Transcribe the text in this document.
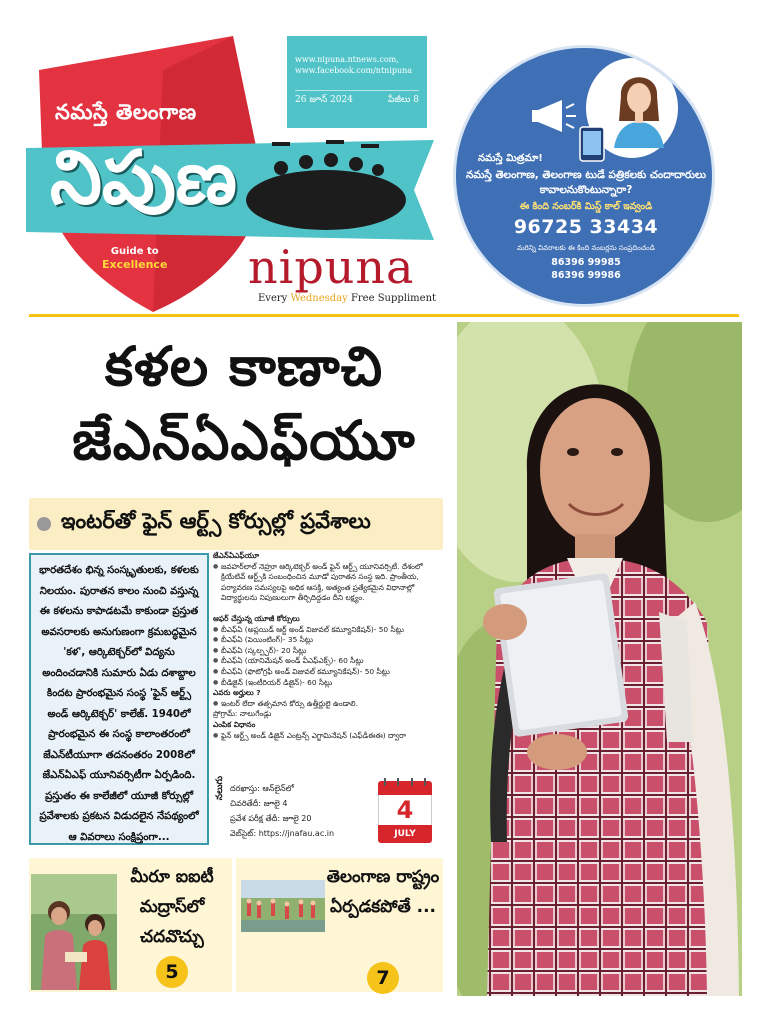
నమస్తే తెలంగాణ
నిపుణ
Guide to
Excellence nipuna
Every Wednesday Free Suppliment
www.nipuna.ntnews.com,
www.facebook.com/ntnipuna
26 జూన్ 2024	పేజీలు 8
నమస్తే మిత్రమా!
నమస్తే తెలంగాణ, తెలంగాణ టుడే పత్రికలకు చందాదారులు కావాలనుకొంటున్నారా?
ఈ కింది నంబర్‌కి మిస్డ్ కాల్ ఇవ్వండి
96725 33434
మరిన్ని వివరాలకు ఈ కింది నంబర్లను సంప్రదించండి
86396 99985
86396 99986
కళల కాణాచి
జేఎన్ఏఎఫ్‌యూ
ఇంటర్‌తో ఫైన్ ఆర్ట్స్ కోర్సుల్లో ప్రవేశాలు

భారతదేశం భిన్న సంస్కృతులకు, కళలకు నిలయం. పురాతన కాలం నుంచి వస్తున్న ఈ కళలను కాపాడటమే కాకుండా ప్రస్తుత అవసరాలకు అనుగుణంగా క్రమబద్ధమైన 'కళ', ఆర్కిటెక్చర్‌లో విద్యను అందించడానికి సుమారు ఏడు దశాబ్దాల కిందట ప్రారంభమైన సంస్థ 'ఫైన్ ఆర్ట్స్ అండ్ ఆర్కిటెక్చర్' కాలేజ్. 1940లో ప్రారంభమైన ఈ సంస్థ కాలాంతరంలో జేఎన్‌టీయూగా తదనంతరం 2008లో జేఎన్ఏఎఫ్ యూనివర్సిటీగా ఏర్పడింది. ప్రస్తుతం ఈ కాలేజీలో యూజీ కోర్సుల్లో ప్రవేశాలకు ప్రకటన విడుదలైన నేపథ్యంలో ఆ వివరాలు సంక్షిప్తంగా...

జేఎన్ఏఎఫ్‌యూ
● జవహర్‌లాల్ నెహ్రూ ఆర్కిటెక్చర్ అండ్ ఫైన్ ఆర్ట్స్ యూనివర్సిటీ. దేశంలో క్రియేటివ్ ఆర్ట్స్‌కి సంబంధించిన మూడో పురాతన సంస్థ ఇది. ప్రాంతీయ, పర్యావరణ సమస్యలపై అధిక ఆసక్తి, అత్యంత ప్రత్యేకమైన విధానాల్లో విద్యార్థులను నిపుణులుగా తీర్చిదిద్దడం దీని లక్ష్యం.
ఆఫర్ చేస్తున్న యూజీ కోర్సులు
● బీఎఫ్ఏ (అప్లయిడ్ ఆర్ట్ అండ్ విజువల్ కమ్యూనికేషన్)- 50 సీట్లు
● బీఎఫ్ఏ (పెయింటింగ్)- 35 సీట్లు
● బీఎఫ్ఏ (స్కల్ప్చర్)- 20 సీట్లు
● బీఎఫ్ఏ (యానిమేషన్ అండ్ వీఎఫ్ఎక్స్)- 60 సీట్లు
● బీఎఫ్ఏ (ఫొటోగ్రఫీ అండ్ విజువల్ కమ్యూనికేషన్)- 50 సీట్లు
● బీడిజైన్ (ఇంటీరియర్ డిజైన్)- 60 సీట్లు
ఎవరు అర్హులు ?
● ఇంటర్ లేదా తత్సమాన కోర్సు ఉత్తీర్ణులై ఉండాలి.
ప్రోగ్రామ్: నాలుగేండ్లు
ఎంపిక విధానం
● ఫైన్ ఆర్ట్స్ అండ్ డిజైన్ ఎంట్రన్స్ ఎగ్జామినేషన్ (ఎఫ్‌డీఈఈ) ద్వారా
నలుగు దరఖాస్తు: ఆన్‌లైన్‌లో
చివరితేదీ: జూలై 4
ప్రవేశ పరీక్ష తేదీ: జూలై 20
వెబ్‌సైట్: https://jnafau.ac.in
4
JULY
మీరూ ఐఐటీ మద్రాస్‌లో చదవొచ్చు
5
తెలంగాణ రాష్ట్రం ఏర్పడకపోతే ...
7
